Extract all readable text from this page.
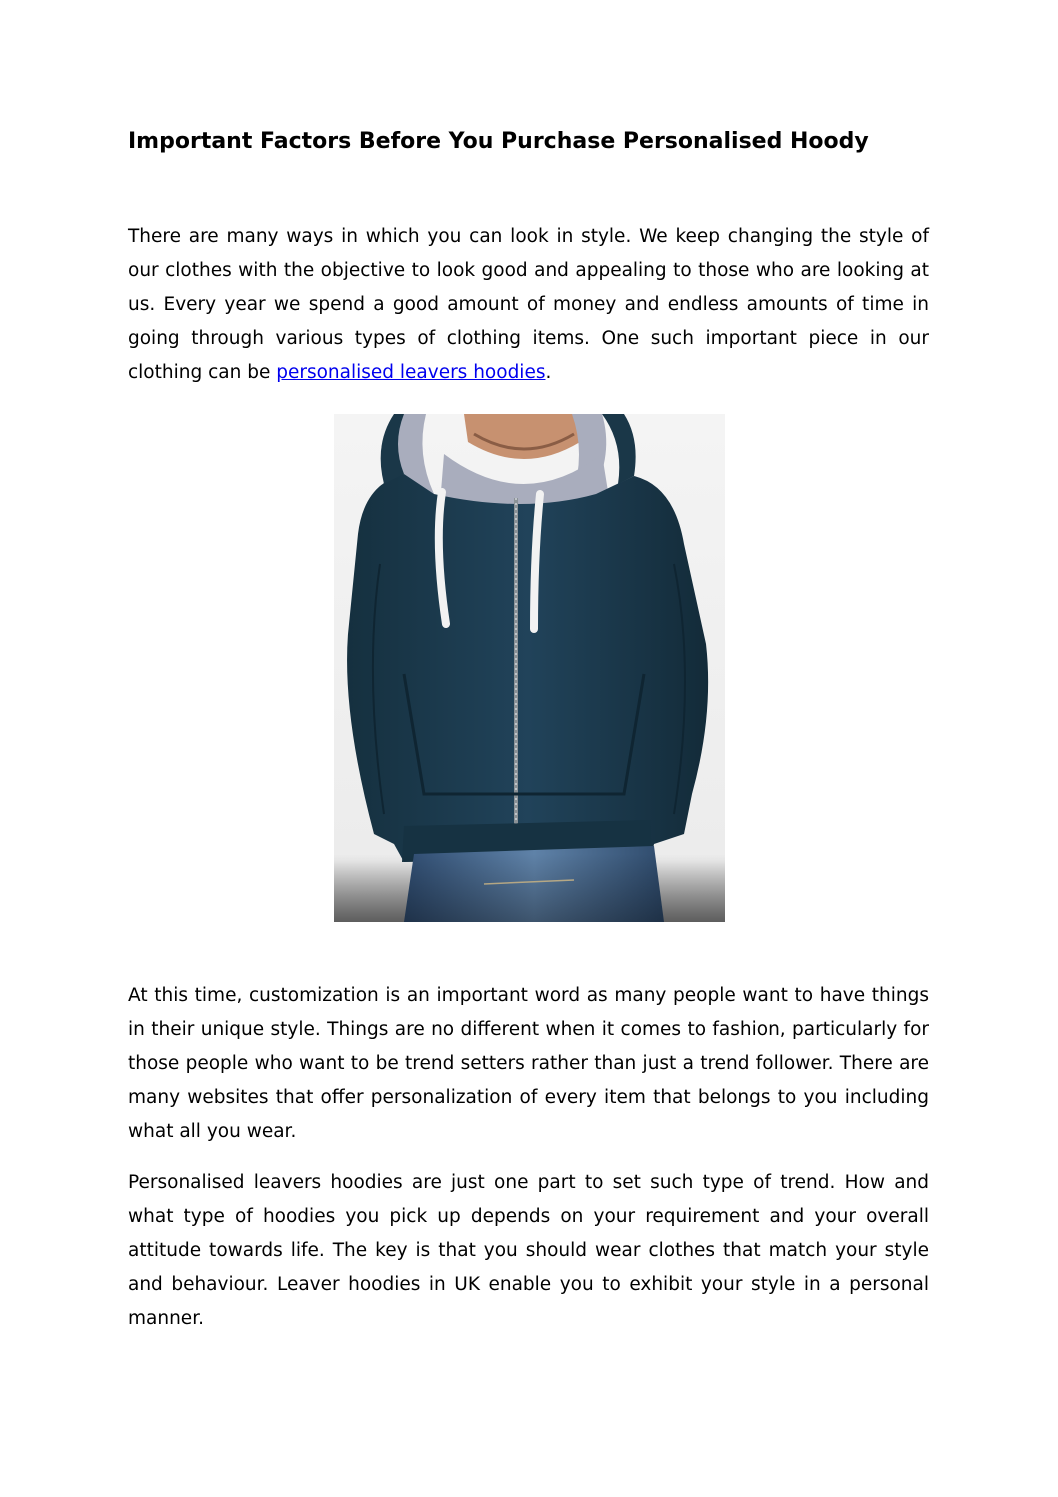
Important Factors Before You Purchase Personalised Hoody

There are many ways in which you can look in style. We keep changing the style of our clothes with the objective to look good and appealing to those who are looking at us. Every year we spend a good amount of money and endless amounts of time in going through various types of clothing items. One such important piece in our clothing can be personalised leavers hoodies.

At this time, customization is an important word as many people want to have things in their unique style. Things are no different when it comes to fashion, particularly for those people who want to be trend setters rather than just a trend follower. There are many websites that offer personalization of every item that belongs to you including what all you wear.

Personalised leavers hoodies are just one part to set such type of trend. How and what type of hoodies you pick up depends on your requirement and your overall attitude towards life. The key is that you should wear clothes that match your style and behaviour. Leaver hoodies in UK enable you to exhibit your style in a personal manner.
